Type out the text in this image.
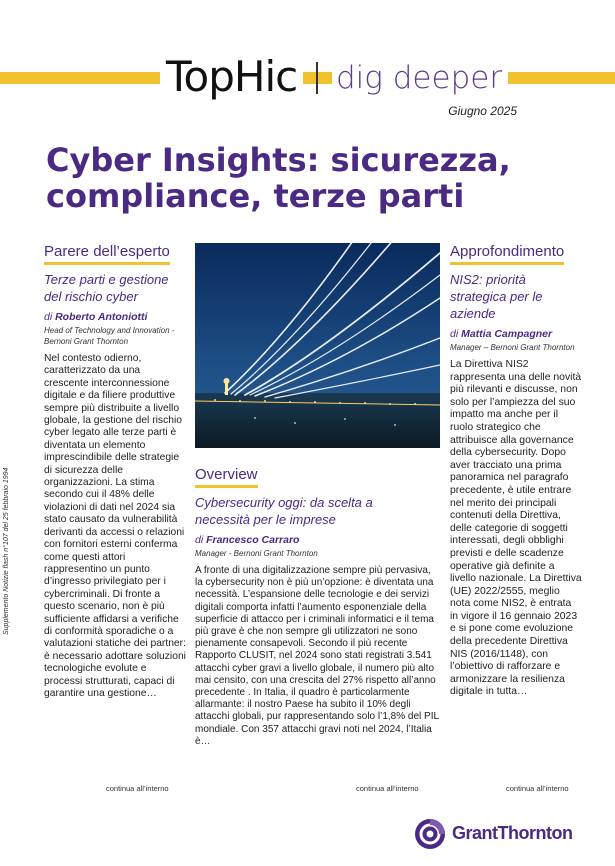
TopHic dig deeper
Giugno 2025
Cyber Insights: sicurezza,
compliance, terze parti
Supplemento Notizie flash n°107 del 25 febbraio 1994
Parere dell’esperto
Terze parti e gestione del rischio cyber
di Roberto Antoniotti
Head of Technology and Innovation - Bernoni Grant Thornton
Nel contesto odierno, caratterizzato da una crescente interconnessione digitale e da filiere produttive sempre più distribuite a livello globale, la gestione del rischio cyber legato alle terze parti è diventata un elemento imprescindibile delle strategie di sicurezza delle organizzazioni. La stima secondo cui il 48% delle violazioni di dati nel 2024 sia stato causato da vulnerabilità derivanti da accessi o relazioni con fornitori esterni conferma come questi attori rappresentino un punto d’ingresso privilegiato per i cybercriminali. Di fronte a questo scenario, non è più sufficiente affidarsi a verifiche di conformità sporadiche o a valutazioni statiche dei partner: è necessario adottare soluzioni tecnologiche evolute e processi strutturati, capaci di garantire una gestione…
continua all’interno
Overview
Cybersecurity oggi: da scelta a necessità per le imprese
di Francesco Carraro
Manager - Bernoni Grant Thornton
A fronte di una digitalizzazione sempre più pervasiva, la cybersecurity non è più un’opzione: è diventata una necessità. L’espansione delle tecnologie e dei servizi digitali comporta infatti l’aumento esponenziale della superficie di attacco per i criminali informatici e il tema più grave è che non sempre gli utilizzatori ne sono pienamente consapevoli. Secondo il più recente Rapporto CLUSIT, nel 2024 sono stati registrati 3.541 attacchi cyber gravi a livello globale, il numero più alto mai censito, con una crescita del 27% rispetto all’anno precedente . In Italia, il quadro è particolarmente allarmante: il nostro Paese ha subito il 10% degli attacchi globali, pur rappresentando solo l’1,8% del PIL mondiale. Con 357 attacchi gravi noti nel 2024, l’Italia è…
continua all’interno
Approfondimento
NIS2: priorità strategica per le aziende
di Mattia Campagner
Manager – Bernoni Grant Thornton
La Direttiva NIS2 rappresenta una delle novità più rilevanti e discusse, non solo per l’ampiezza del suo impatto ma anche per il ruolo strategico che attribuisce alla governance della cybersecurity. Dopo aver tracciato una prima panoramica nel paragrafo precedente, è utile entrare nel merito dei principali contenuti della Direttiva, delle categorie di soggetti interessati, degli obblighi previsti e delle scadenze operative già definite a livello nazionale. La Direttiva (UE) 2022/2555, meglio nota come NIS2, è entrata in vigore il 16 gennaio 2023 e si pone come evoluzione della precedente Direttiva NIS (2016/1148), con l’obiettivo di rafforzare e armonizzare la resilienza digitale in tutta…
continua all’interno
GrantThornton
